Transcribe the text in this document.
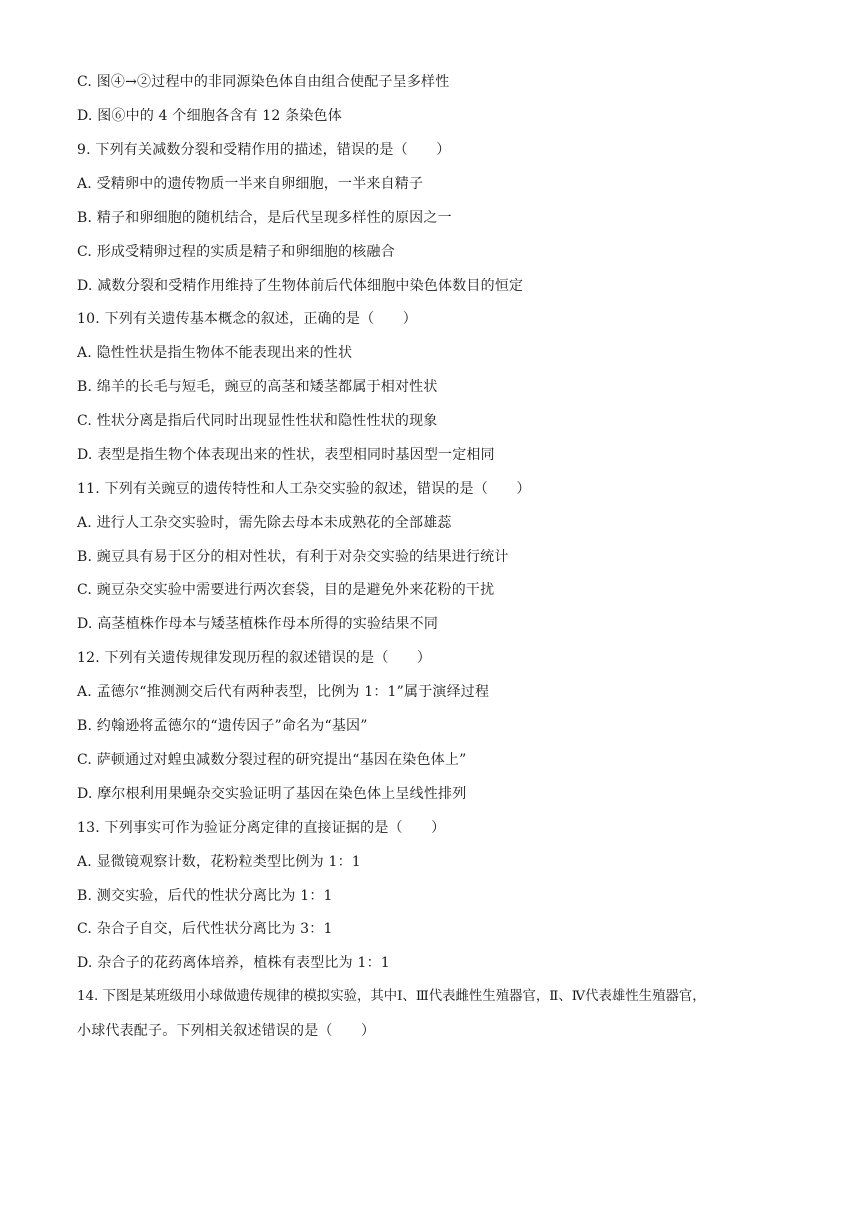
C. 图④→②过程中的非同源染色体自由组合使配子呈多样性
D. 图⑥中的 4 个细胞各含有 12 条染色体
9. 下列有关减数分裂和受精作用的描述，错误的是（　　）
A. 受精卵中的遗传物质一半来自卵细胞，一半来自精子
B. 精子和卵细胞的随机结合，是后代呈现多样性的原因之一
C. 形成受精卵过程的实质是精子和卵细胞的核融合
D. 减数分裂和受精作用维持了生物体前后代体细胞中染色体数目的恒定
10. 下列有关遗传基本概念的叙述，正确的是（　　）
A. 隐性性状是指生物体不能表现出来的性状
B. 绵羊的长毛与短毛，豌豆的高茎和矮茎都属于相对性状
C. 性状分离是指后代同时出现显性性状和隐性性状的现象
D. 表型是指生物个体表现出来的性状，表型相同时基因型一定相同
11. 下列有关豌豆的遗传特性和人工杂交实验的叙述，错误的是（　　）
A. 进行人工杂交实验时，需先除去母本未成熟花的全部雄蕊
B. 豌豆具有易于区分的相对性状，有利于对杂交实验的结果进行统计
C. 豌豆杂交实验中需要进行两次套袋，目的是避免外来花粉的干扰
D. 高茎植株作母本与矮茎植株作母本所得的实验结果不同
12. 下列有关遗传规律发现历程的叙述错误的是（　　）
A. 孟德尔“推测测交后代有两种表型，比例为 1：1”属于演绎过程
B. 约翰逊将孟德尔的“遗传因子”命名为“基因”
C. 萨顿通过对蝗虫减数分裂过程的研究提出“基因在染色体上”
D. 摩尔根利用果蝇杂交实验证明了基因在染色体上呈线性排列
13. 下列事实可作为验证分离定律的直接证据的是（　　）
A. 显微镜观察计数，花粉粒类型比例为 1：1
B. 测交实验，后代的性状分离比为 1：1
C. 杂合子自交，后代性状分离比为 3：1
D. 杂合子的花药离体培养，植株有表型比为 1：1
14. 下图是某班级用小球做遗传规律的模拟实验，其中Ⅰ、Ⅲ代表雌性生殖器官，Ⅱ、Ⅳ代表雄性生殖器官，
小球代表配子。下列相关叙述错误的是（　　）
